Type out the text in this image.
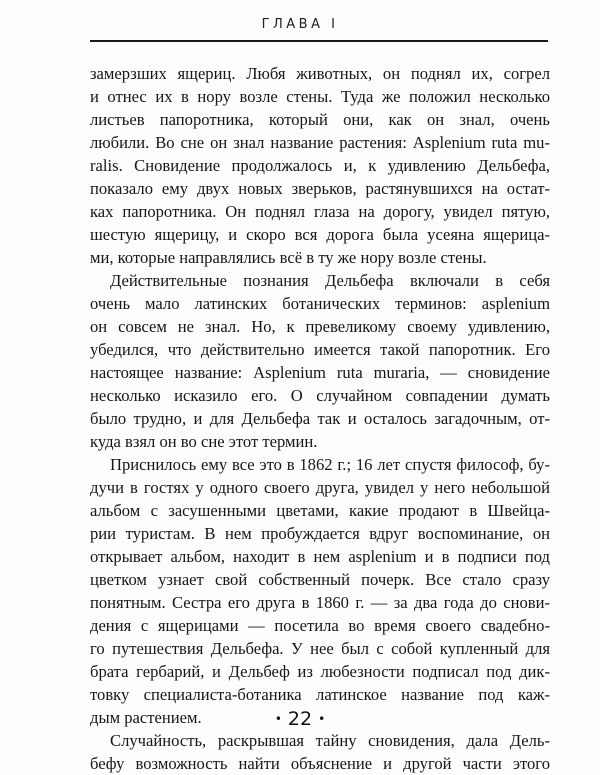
ГЛАВА I
замерзших ящериц. Любя животных, он поднял их, согрел
и отнес их в нору возле стены. Туда же положил несколько
листьев папоротника, который они, как он знал, очень
любили. Во сне он знал название растения: Asplenium ruta mu-
ralis. Сновидение продолжалось и, к удивлению Дельбефа,
показало ему двух новых зверьков, растянувшихся на остат-
ках папоротника. Он поднял глаза на дорогу, увидел пятую,
шестую ящерицу, и скоро вся дорога была усеяна ящерица-
ми, которые направлялись всё в ту же нору возле стены.
Действительные познания Дельбефа включали в себя
очень мало латинских ботанических терминов: asplenium
он совсем не знал. Но, к превеликому своему удивлению,
убедился, что действительно имеется такой папоротник. Его
настоящее название: Asplenium ruta muraria, — сновидение
несколько исказило его. О случайном совпадении думать
было трудно, и для Дельбефа так и осталось загадочным, от-
куда взял он во сне этот термин.
Приснилось ему все это в 1862 г.; 16 лет спустя философ, бу-
дучи в гостях у одного своего друга, увидел у него небольшой
альбом с засушенными цветами, какие продают в Швейца-
рии туристам. В нем пробуждается вдруг воспоминание, он
открывает альбом, находит в нем asplenium и в подписи под
цветком узнает свой собственный почерк. Все стало сразу
понятным. Сестра его друга в 1860 г. — за два года до снови-
дения с ящерицами — посетила во время своего свадебно-
го путешествия Дельбефа. У нее был с собой купленный для
брата гербарий, и Дельбеф из любезности подписал под дик-
товку специалиста-ботаника латинское название под каж-
дым растением.
Случайность, раскрывшая тайну сновидения, дала Дель-
бефу возможность найти объяснение и другой части этого
• 22 •
